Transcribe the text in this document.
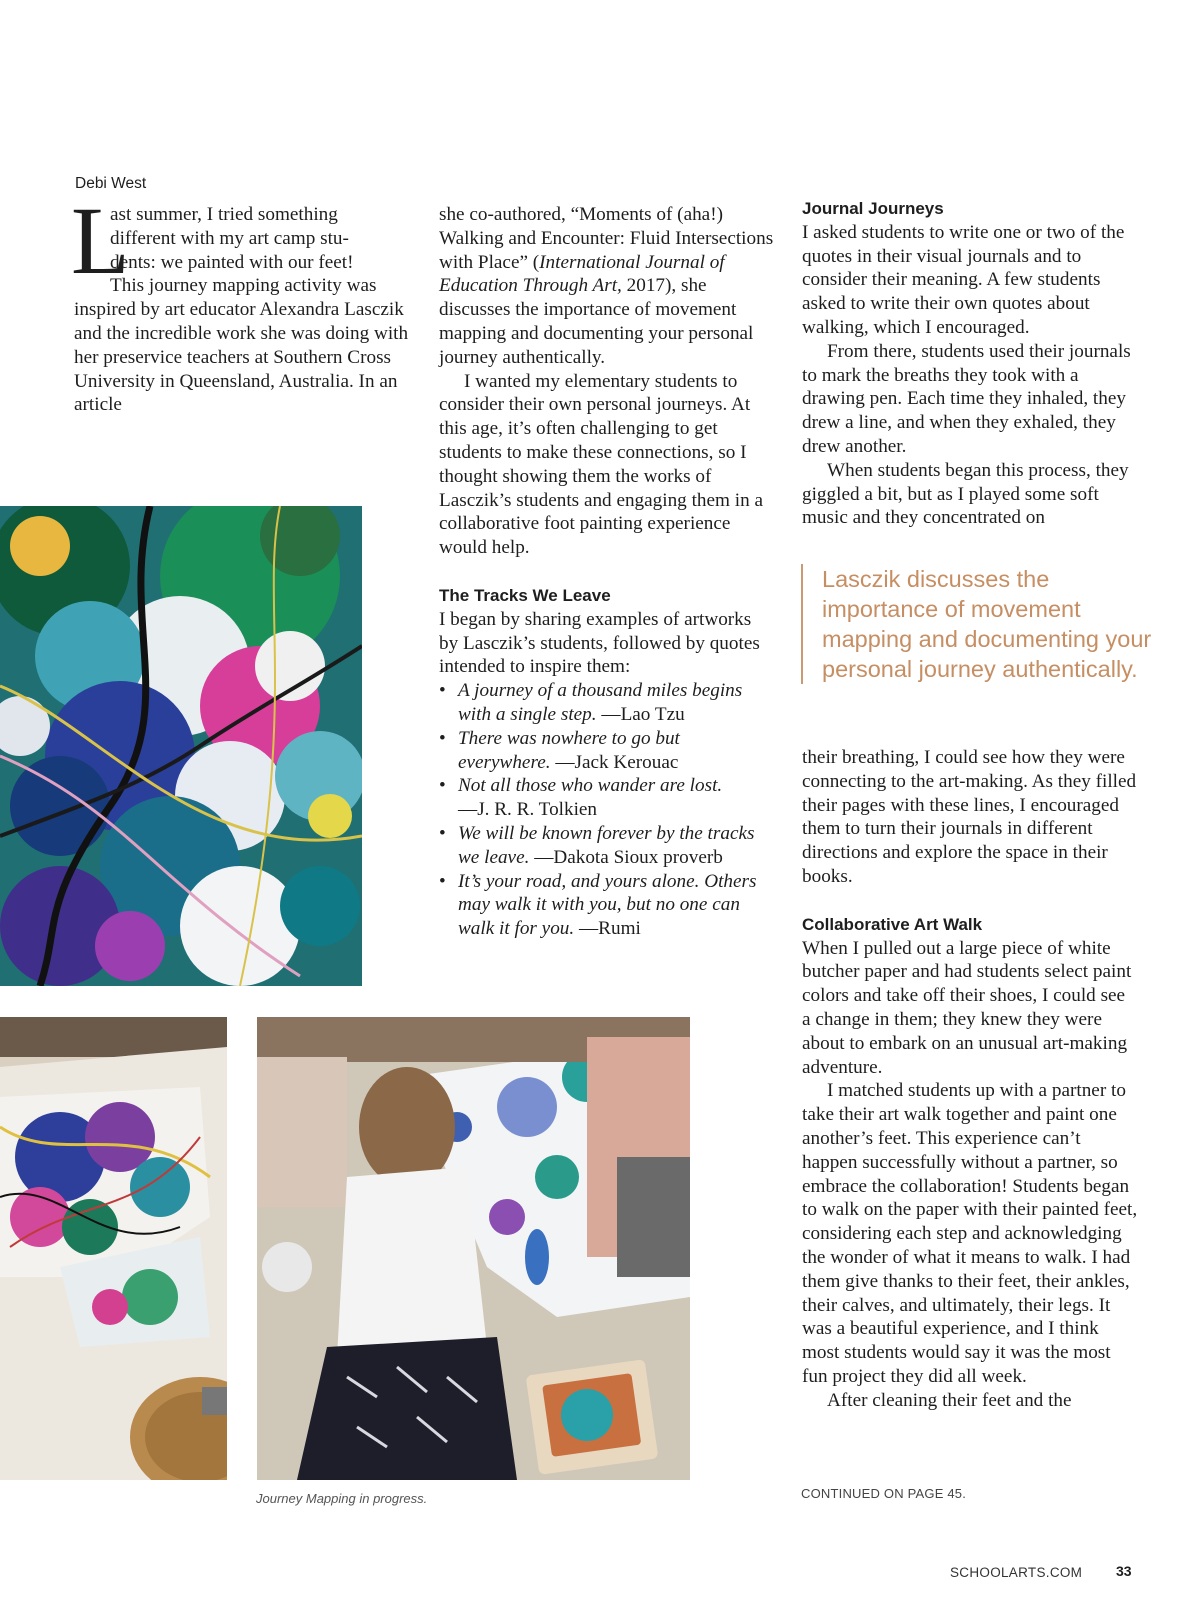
Debi West
L
ast summer, I tried something
different with my art camp stu-
dents: we painted with our feet!
This journey mapping activity was

inspired by art educator Alexandra Lasczik and the incredible work she was doing with her preservice teachers at Southern Cross University in Queensland, Australia. In an article

she co-authored, “Moments of (aha!) Walking and Encounter: Fluid Intersections with Place” (International Journal of Education Through Art, 2017), she discusses the importance of movement mapping and documenting your personal journey authentically.

I wanted my elementary students to consider their own personal journeys. At this age, it’s often challenging to get students to make these connections, so I thought showing them the works of Lasczik’s students and engaging them in a collaborative foot painting experience would help.

The Tracks We Leave

I began by sharing examples of artworks by Lasczik’s students, followed by quotes intended to inspire them:

• A journey of a thousand miles begins with a single step. —Lao Tzu
• There was nowhere to go but everywhere. —Jack Kerouac
• Not all those who wander are lost.
—J. R. R. Tolkien
• We will be known forever by the tracks we leave. —Dakota Sioux proverb
• It’s your road, and yours alone. Others may walk it with you, but no one can walk it for you. —Rumi
Journal Journeys

I asked students to write one or two of the quotes in their visual journals and to consider their meaning. A few students asked to write their own quotes about walking, which I encouraged.

From there, students used their journals to mark the breaths they took with a drawing pen. Each time they inhaled, they drew a line, and when they exhaled, they drew another.

When students began this process, they giggled a bit, but as I played some soft music and they concentrated on

Lasczik discusses the importance of movement mapping and documenting your personal journey authentically.

their breathing, I could see how they were connecting to the art-making. As they filled their pages with these lines, I encouraged them to turn their journals in different directions and explore the space in their books.

Collaborative Art Walk

When I pulled out a large piece of white butcher paper and had students select paint colors and take off their shoes, I could see a change in them; they knew they were about to embark on an unusual art-making adventure.

I matched students up with a partner to take their art walk together and paint one another’s feet. This experience can’t happen successfully without a partner, so embrace the collaboration! Students began to walk on the paper with their painted feet, considering each step and acknowledging the wonder of what it means to walk. I had them give thanks to their feet, their ankles, their calves, and ultimately, their legs. It was a beautiful experience, and I think most students would say it was the most fun project they did all week.

After cleaning their feet and the

Journey Mapping in progress.	CONTINUED ON PAGE 45.
SCHOOLARTS.COM 33
